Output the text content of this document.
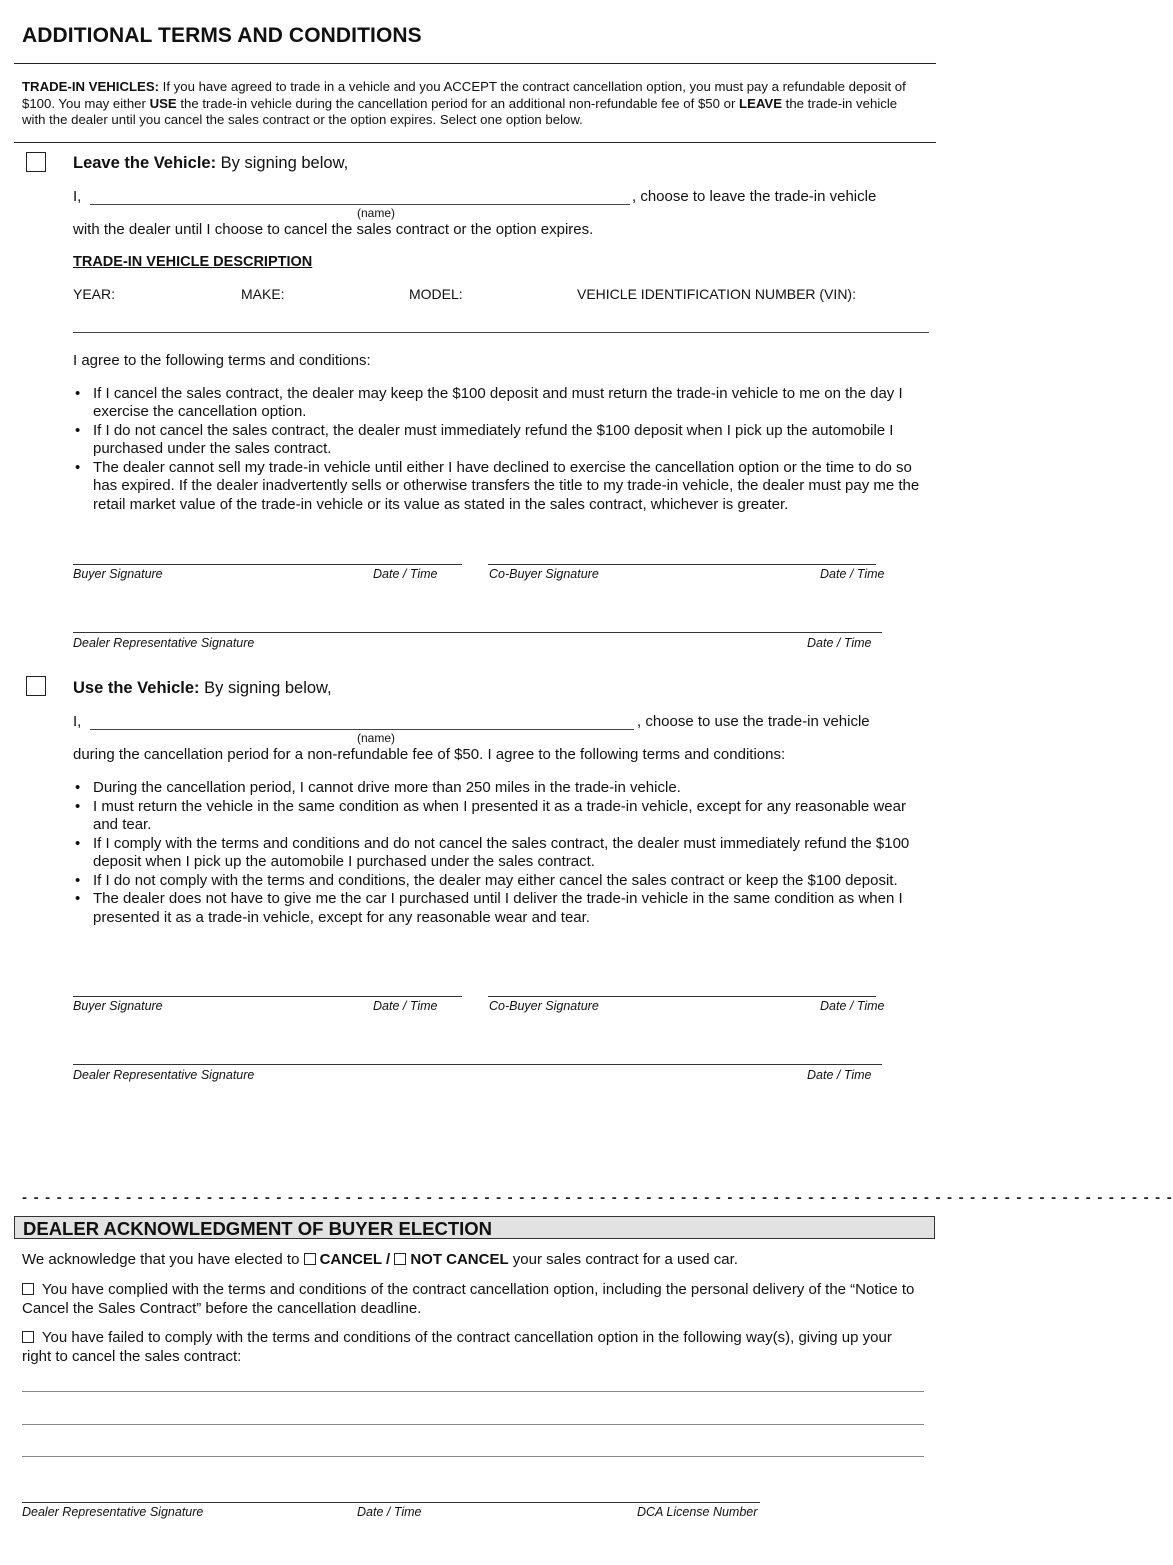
ADDITIONAL TERMS AND CONDITIONS
TRADE-IN VEHICLES: If you have agreed to trade in a vehicle and you ACCEPT the contract cancellation option, you must pay a refundable deposit of $100. You may either USE the trade-in vehicle during the cancellation period for an additional non-refundable fee of $50 or LEAVE the trade-in vehicle with the dealer until you cancel the sales contract or the option expires. Select one option below.
Leave the Vehicle: By signing below,
I,	, choose to leave the trade-in vehicle
(name)
with the dealer until I choose to cancel the sales contract or the option expires.
TRADE-IN VEHICLE DESCRIPTION
YEAR:	MAKE:	MODEL:	VEHICLE IDENTIFICATION NUMBER (VIN):
I agree to the following terms and conditions:
• If I cancel the sales contract, the dealer may keep the $100 deposit and must return the trade-in vehicle to me on the day I exercise the cancellation option.
• If I do not cancel the sales contract, the dealer must immediately refund the $100 deposit when I pick up the automobile I purchased under the sales contract.
• The dealer cannot sell my trade-in vehicle until either I have declined to exercise the cancellation option or the time to do so has expired. If the dealer inadvertently sells or otherwise transfers the title to my trade-in vehicle, the dealer must pay me the retail market value of the trade-in vehicle or its value as stated in the sales contract, whichever is greater.
Buyer Signature	Date / Time	Co-Buyer Signature	Date / Time
Dealer Representative Signature	Date / Time
Use the Vehicle: By signing below,
I,	, choose to use the trade-in vehicle
(name)
during the cancellation period for a non-refundable fee of $50. I agree to the following terms and conditions:
• During the cancellation period, I cannot drive more than 250 miles in the trade-in vehicle.
• I must return the vehicle in the same condition as when I presented it as a trade-in vehicle, except for any reasonable wear and tear.
• If I comply with the terms and conditions and do not cancel the sales contract, the dealer must immediately refund the $100 deposit when I pick up the automobile I purchased under the sales contract.
• If I do not comply with the terms and conditions, the dealer may either cancel the sales contract or keep the $100 deposit.
• The dealer does not have to give me the car I purchased until I deliver the trade-in vehicle in the same condition as when I presented it as a trade-in vehicle, except for any reasonable wear and tear.
Buyer Signature	Date / Time	Co-Buyer Signature	Date / Time
Dealer Representative Signature	Date / Time
- - - - - - - - - - - - - - - - - - - - - - - - - - - - - - - - - - - - - - - - - - - - - - - - - - - - - - - - - - - - - - - - - - - - - - - - - - - - - - - - - - - - - - - - - - - - - - - - - - - -
DEALER ACKNOWLEDGMENT OF BUYER ELECTION
We acknowledge that you have elected to CANCEL / NOT CANCEL your sales contract for a used car.
You have complied with the terms and conditions of the contract cancellation option, including the personal delivery of the “Notice to Cancel the Sales Contract” before the cancellation deadline.
You have failed to comply with the terms and conditions of the contract cancellation option in the following way(s), giving up your right to cancel the sales contract:
Dealer Representative Signature	Date / Time	DCA License Number
